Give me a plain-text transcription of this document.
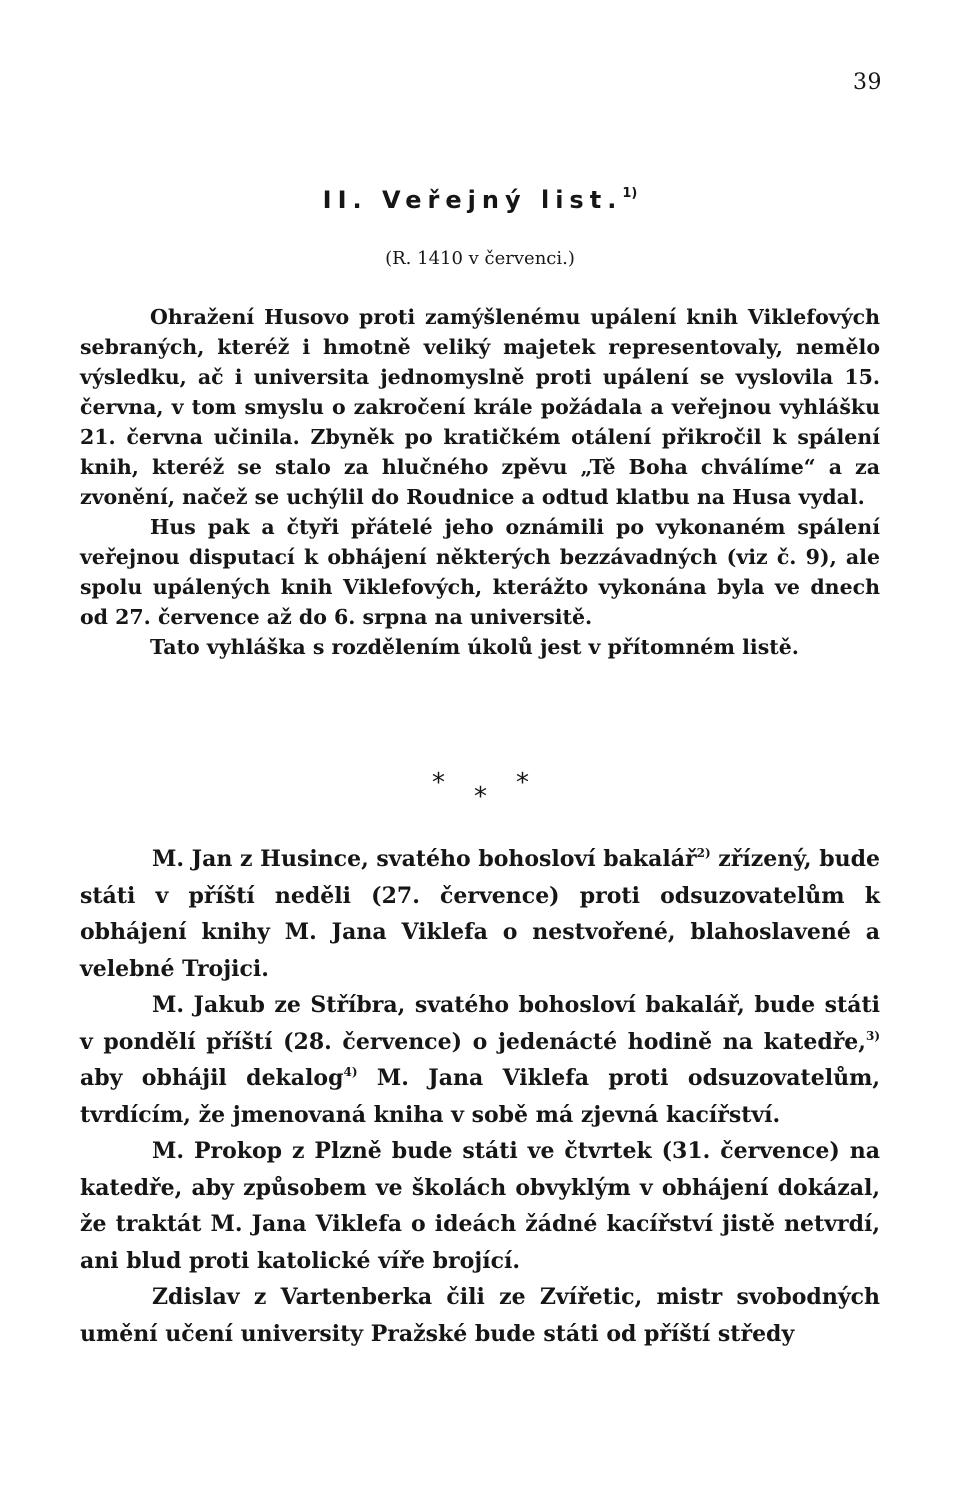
39
II. Veřejný list.$^{1)}$
(R. 1410 v červenci.)

Ohražení Husovo proti zamýšlenému upálení knih Viklefových sebraných, kteréž i hmotně veliký majetek representovaly, nemělo výsledku, ač i universita jednomyslně proti upálení se vyslovila 15. června, v tom smyslu o zakročení krále požádala a veřejnou vyhlášku 21. června učinila. Zbyněk po kratičkém otálení přikročil k spálení knih, kteréž se stalo za hlučného zpěvu „Tě Boha chválíme“ a za zvonění, načež se uchýlil do Roudnice a odtud klatbu na Husa vydal.

Hus pak a čtyři přátelé jeho oznámili po vykonaném spálení veřejnou disputací k obhájení některých bezzávadných (viz č. 9), ale spolu upálených knih Viklefových, kterážto vykonána byla ve dnech od 27. července až do 6. srpna na universitě.

Tato vyhláška s rozdělením úkolů jest v přítomném listě.

*	*
*

M. Jan z Husince, svatého bohosloví bakalář$^{2)}$ zřízený, bude státi v příští neděli (27. července) proti odsuzovatelům k obhájení knihy M. Jana Viklefa o nestvořené, blahoslavené a velebné Trojici.

M. Jakub ze Stříbra, svatého bohosloví bakalář, bude státi v pondělí příští (28. července) o jedenácté hodině na katedře,$^{3)}$ aby obhájil dekalog$^{4)}$ M. Jana Viklefa proti odsuzovatelům, tvrdícím, že jmenovaná kniha v sobě má zjevná kacířství.

M. Prokop z Plzně bude státi ve čtvrtek (31. července) na katedře, aby způsobem ve školách obvyklým v obhájení dokázal, že traktát M. Jana Viklefa o ideách žádné kacířství jistě netvrdí, ani blud proti katolické víře brojící.

Zdislav z Vartenberka čili ze Zvířetic, mistr svobodných umění učení university Pražské bude státi od příští středy
